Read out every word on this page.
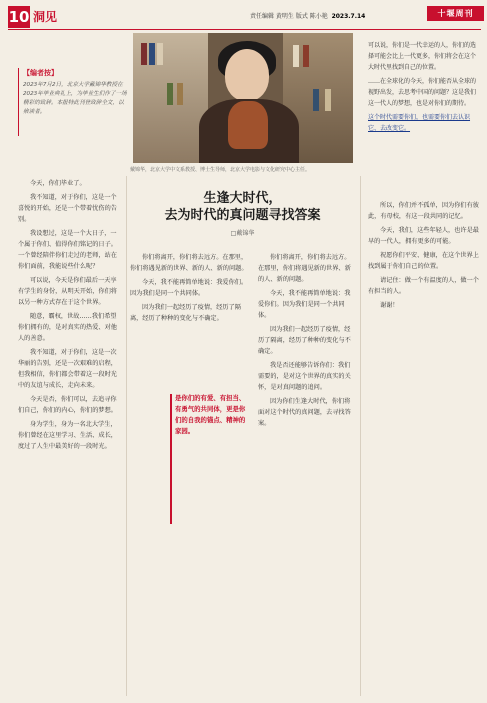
10 洞见	责任编辑 黄明生 版式 陈小艳 2023.7.14	十堰周刊
【编者按】
2023年7月2日，北京大学戴锦华教授在2023年毕业典礼上，为毕业生们作了一场精彩的致辞。本报特此刊登致辞全文，以飨读者。
戴锦华，北京大学中文系教授、博士生导师，北京大学电影与文化研究中心主任。

可以说，你们是一代幸运的人，你们的选择可能会比上一代更多，你们将会在这个大时代里找到自己的位置。

……在全球化的今天，你们能否从全球的视野出发，去思考中国的问题？这是我们这一代人的梦想，也是对你们的期待。

这个时代需要你们，也需要你们去认识它、去改变它。

生逢大时代，
去为时代的真问题寻找答案
□戴锦华

今天，你们毕业了。

我不知道，对于你们，这是一个喜悦的开始，还是一个带着忧伤的告别。

我设想过，这是一个大日子，一个属于你们、值得你们铭记的日子。一个曾经陪伴你们走过的老师，站在你们面前，我能说些什么呢？

可以说，今天是你们最后一天享有学生的身份，从明天开始，你们将以另一种方式存在于这个世界。

随意，霸权，世故……我们希望你们拥有的，是对真实的热爱、对他人的善意。

我不知道，对于你们，这是一次华丽的告别，还是一次艰难的启程，但我相信，你们都会带着这一段时光中的友谊与成长，走向未来。

今天是否，你们可以，去追寻你们自己，你们的内心，你们的梦想。

身为学生，身为一名北大学生，你们曾经在这里学习、生活、成长，度过了人生中最美好的一段时光。

你们将离开，你们将去远方。在那里，你们将遇见新的世界、新的人、新的问题。

今天，我不能再简单地说：我爱你们。因为我们是同一个共同体。

因为我们一起经历了疫情，经历了隔离，经历了种种的变化与不确定。

我是否还能够告诉你们：我们需要的，是对这个世界的真实的关怀，是对真问题的追问。

因为你们生逢大时代，你们将面对这个时代的真问题，去寻找答案。

你们将离开，你们将去远方。在那里，你们将遇见新的世界、新的人、新的问题。

今天，我不能再简单地说：我爱你们。因为我们是同一个共同体。

因为我们一起经历了疫情，经历了隔离，经历了种种的变化与不确定。

是你们的有爱、有担当、有勇气的共同体，更是你们的自我的锚点、精神的家园。

所以，你们并不孤单，因为你们有彼此，有母校，有这一段共同的记忆。

今天，我们，这些年轻人，也许是最早的一代人，拥有更多的可能。

祝愿你们平安、健康，在这个世界上找到属于你们自己的位置。

请记住：做一个有温度的人，做一个有担当的人。

谢谢！
